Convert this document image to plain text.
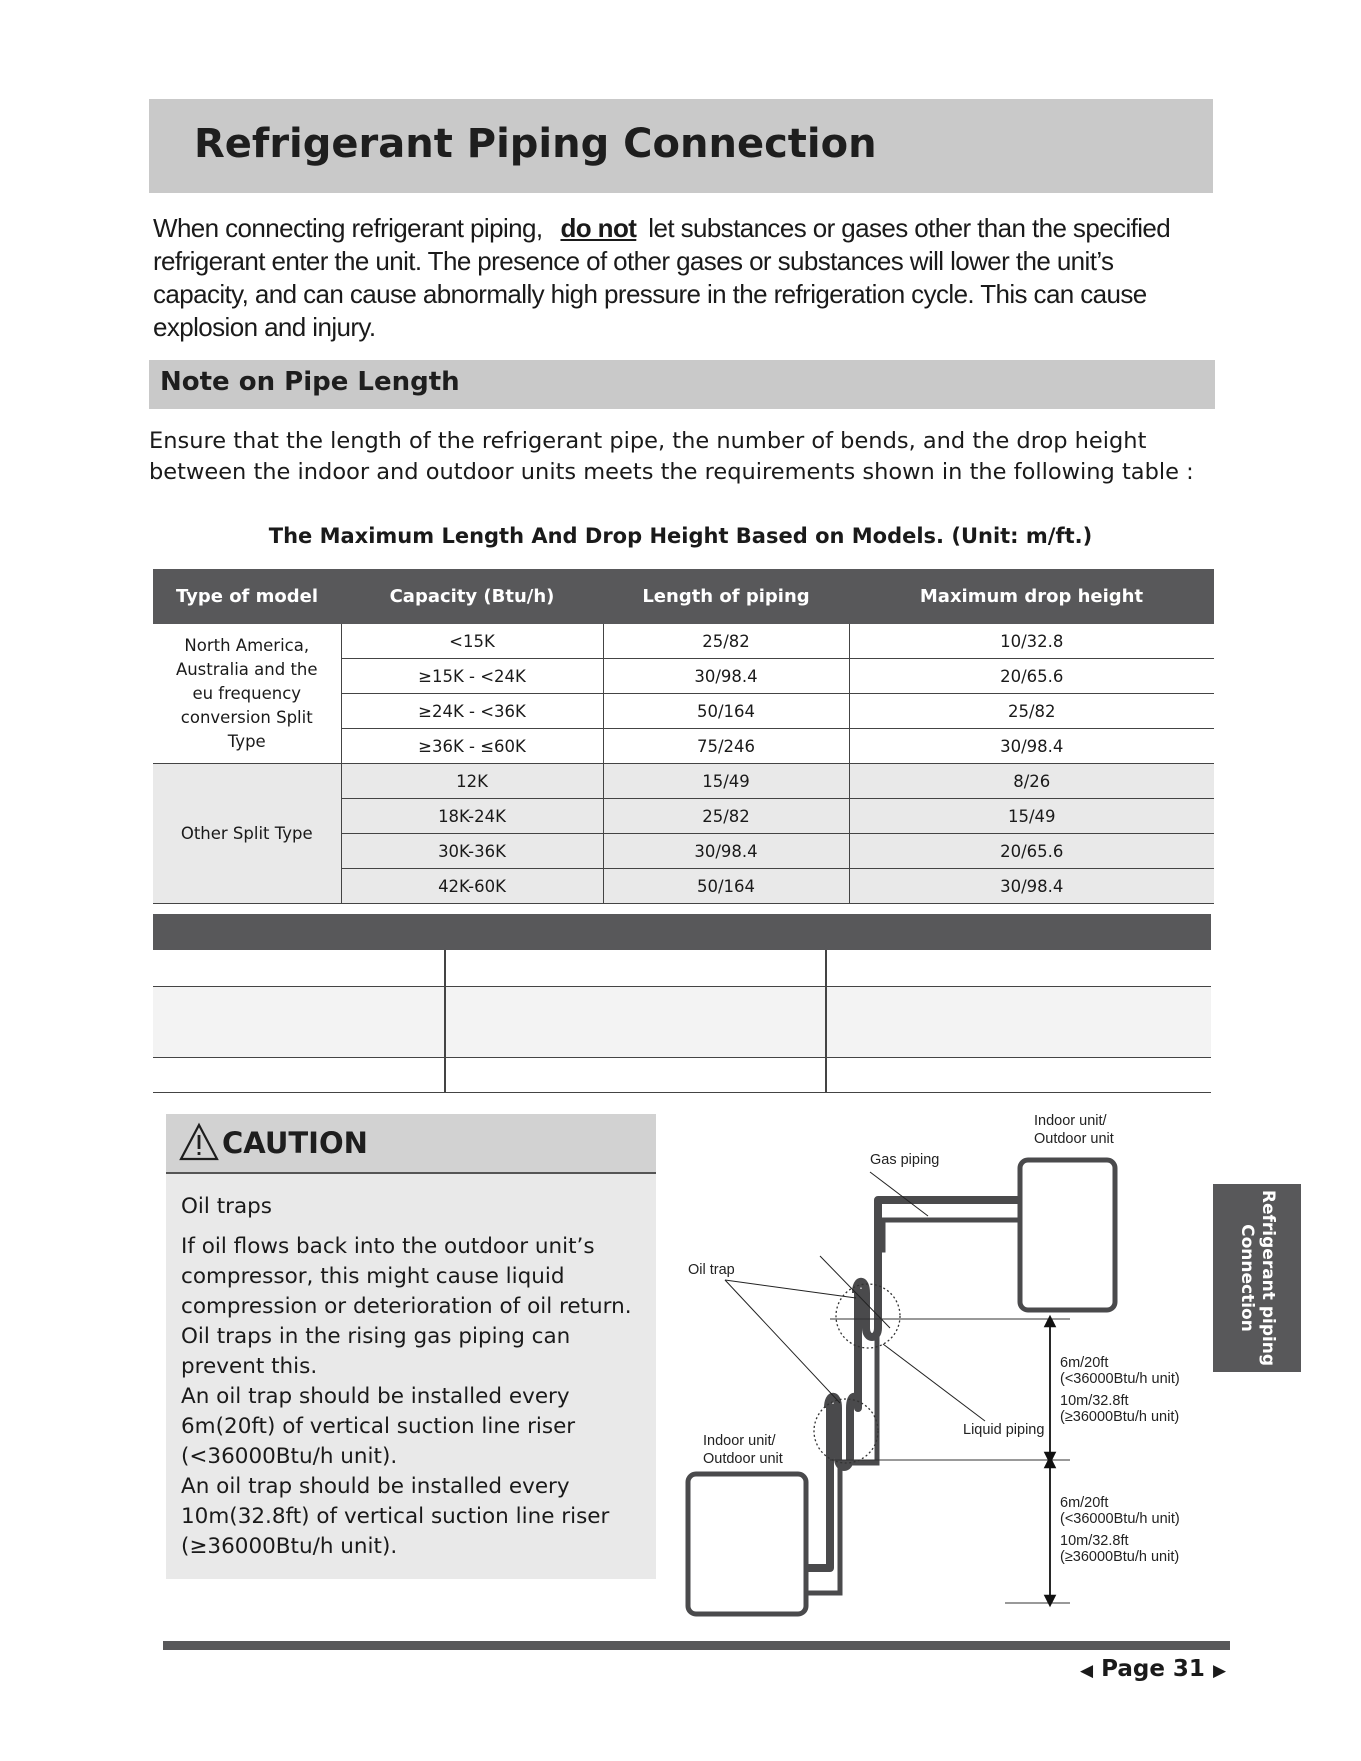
Refrigerant Piping Connection
When connecting refrigerant piping, do not let substances or gases other than the specified refrigerant enter the unit. The presence of other gases or substances will lower the unit’s capacity, and can cause abnormally high pressure in the refrigeration cycle. This can cause explosion and injury.
Note on Pipe Length
Ensure that the length of the refrigerant pipe, the number of bends, and the drop height between the indoor and outdoor units meets the requirements shown in the following table :
The Maximum Length And Drop Height Based on Models. (Unit: m/ft.)
Type of model	Capacity (Btu/h)	Length of piping	Maximum drop height

North America, Australia and the eu frequency conversion Split Type	<15K	25/82	10/32.8
	≥15K - <24K	30/98.4	20/65.6
	≥24K - <36K	50/164	25/82
	≥36K - ≤60K	75/246	30/98.4
Other Split Type	12K	15/49	8/26
	18K-24K	25/82	15/49
	30K-36K	30/98.4	20/65.6
	42K-60K	50/164	30/98.4
CAUTION

Oil traps

If oil flows back into the outdoor unit’s compressor, this might cause liquid compression or deterioration of oil return. Oil traps in the rising gas piping can prevent this.

An oil trap should be installed every 6m(20ft) of vertical suction line riser (<36000Btu/h unit).

An oil trap should be installed every 10m(32.8ft) of vertical suction line riser (≥36000Btu/h unit).

Indoor unit/
Outdoor unit
Indoor unit/
Outdoor unit
Oil trap
Gas piping
Liquid piping
6m/20ft
(<36000Btu/h unit)
10m/32.8ft
(≥36000Btu/h unit)
6m/20ft
(<36000Btu/h unit)
10m/32.8ft
(≥36000Btu/h unit)
Refrigerant piping
Connection
◀ Page 31 ▶
